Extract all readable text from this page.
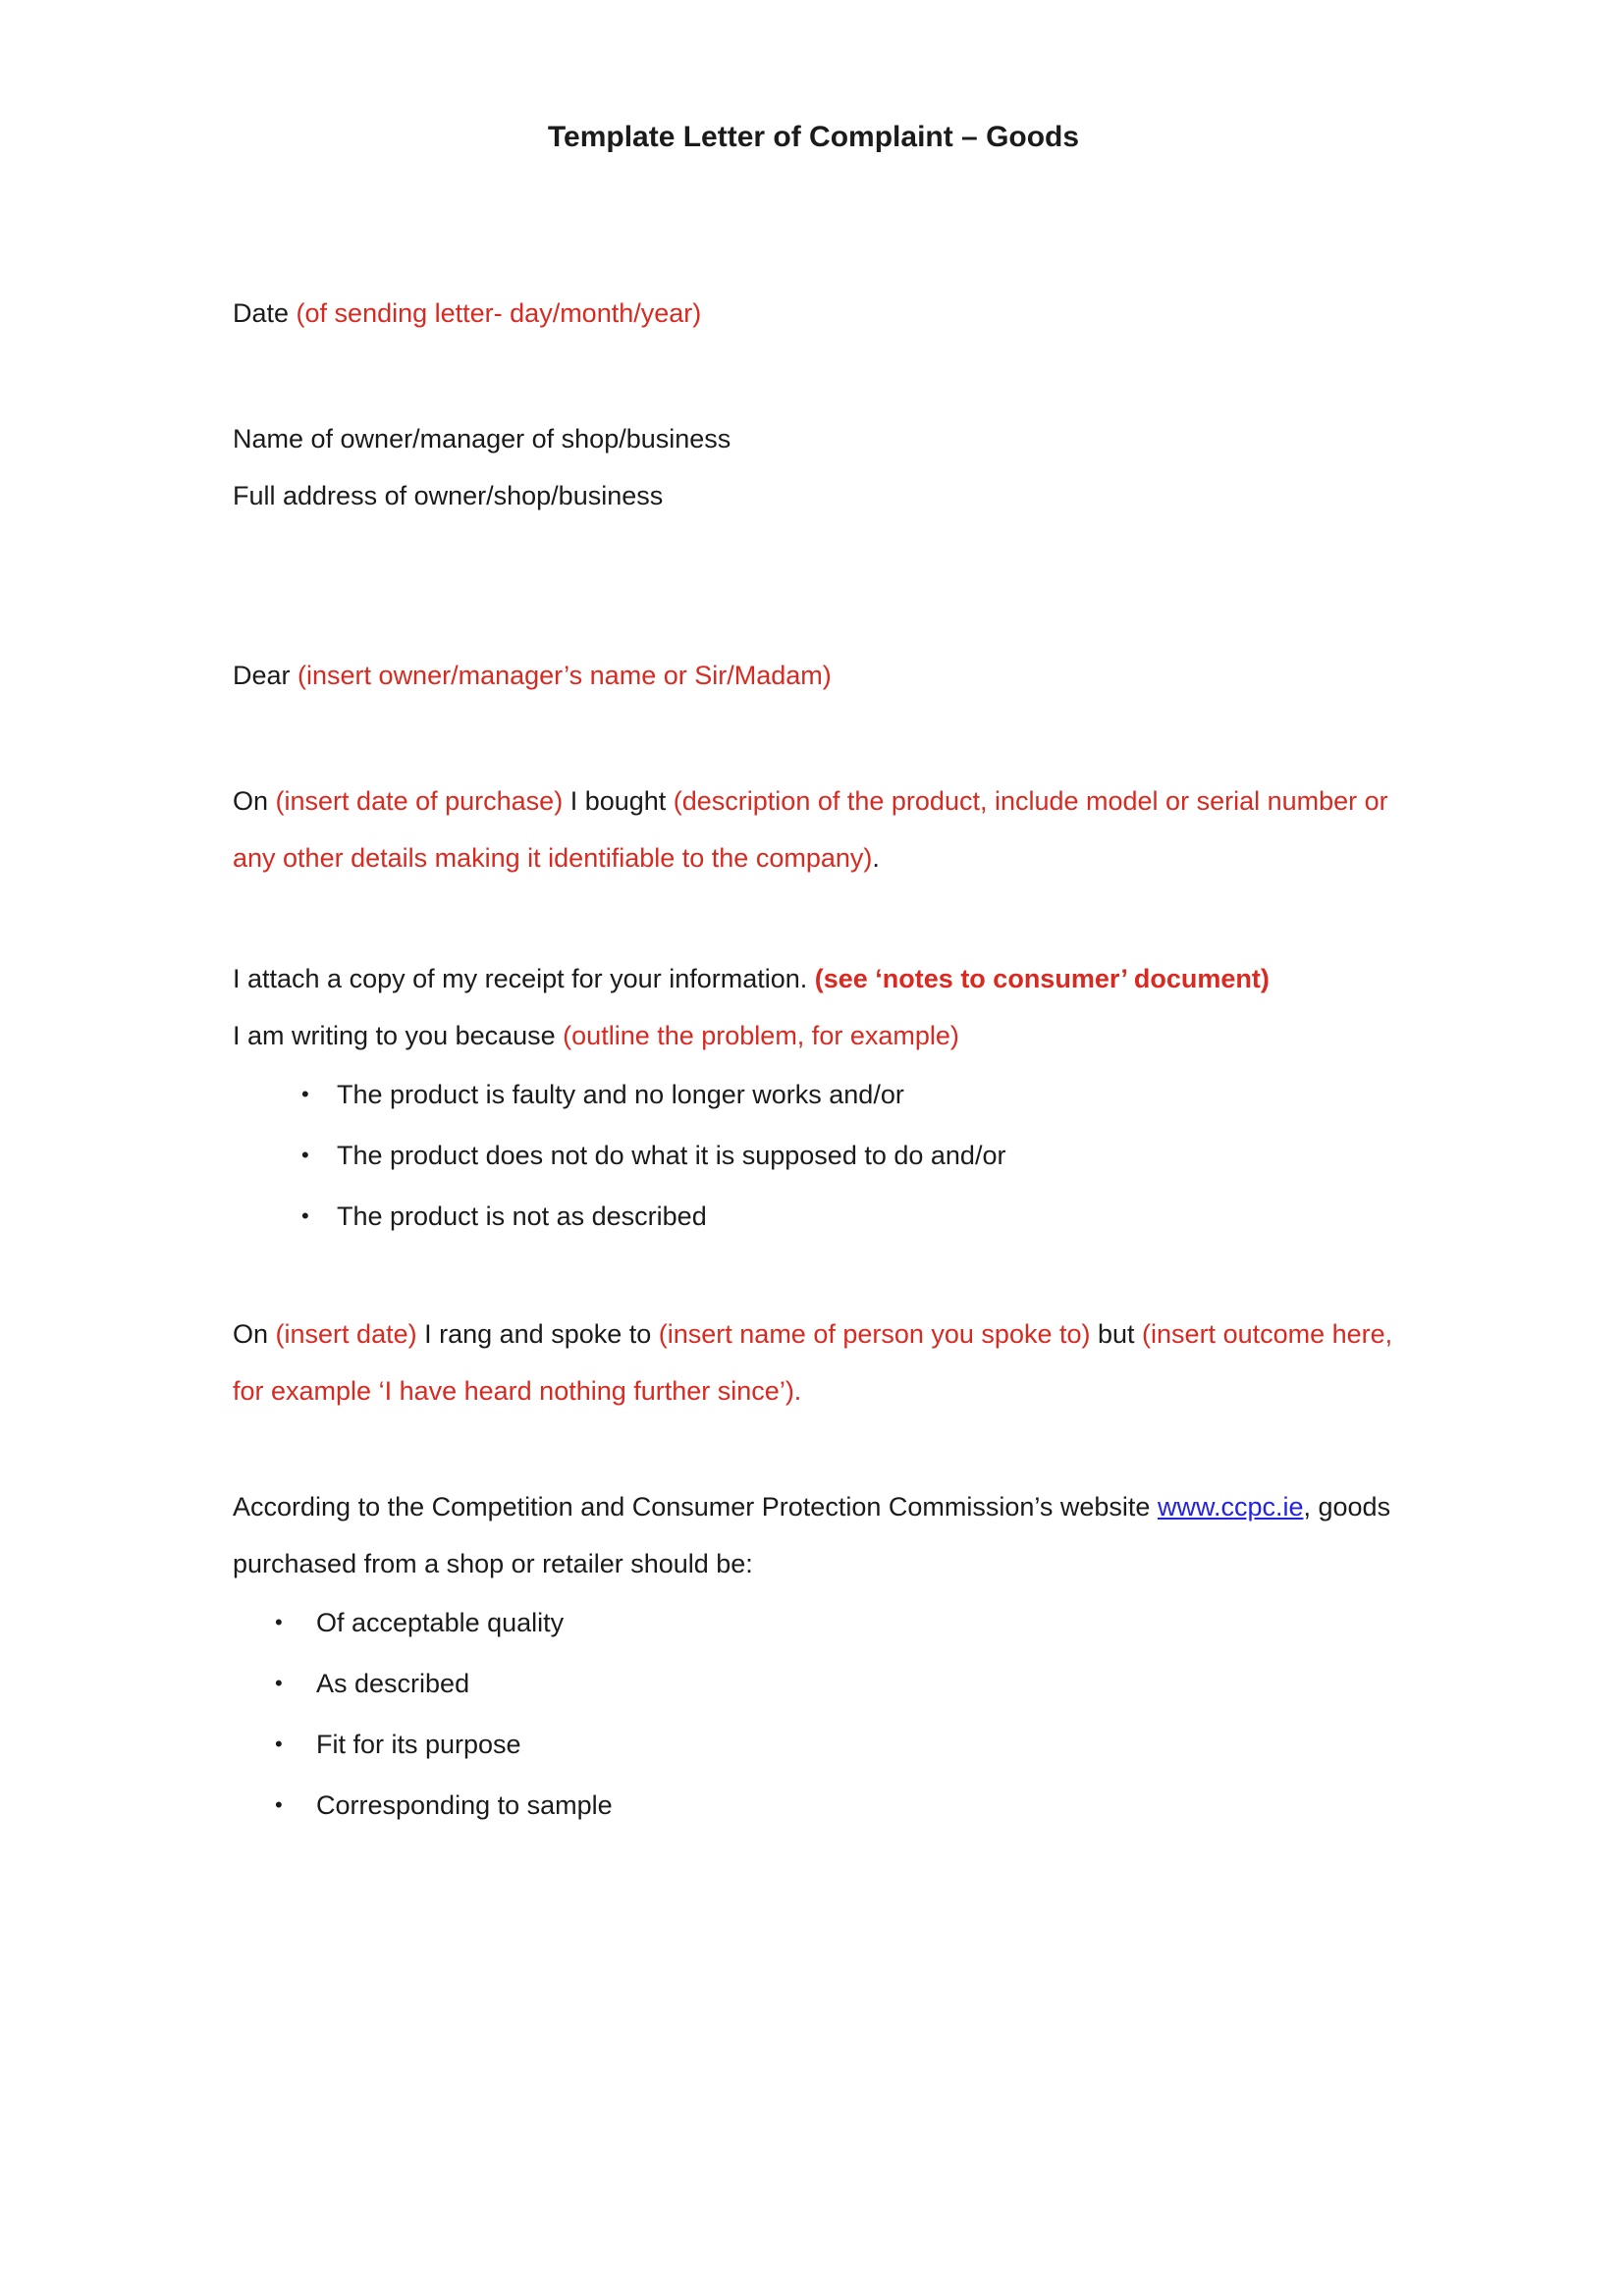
Template Letter of Complaint – Goods

Date (of sending letter- day/month/year)

Name of owner/manager of shop/business
Full address of owner/shop/business

Dear (insert owner/manager’s name or Sir/Madam)

On (insert date of purchase) I bought (description of the product, include model or serial number or any other details making it identifiable to the company).

I attach a copy of my receipt for your information. (see ‘notes to consumer’ document)

I am writing to you because (outline the problem, for example)

•	The product is faulty and no longer works and/or
•	The product does not do what it is supposed to do and/or
•	The product is not as described

On (insert date) I rang and spoke to (insert name of person you spoke to) but (insert outcome here, for example ‘I have heard nothing further since’).

According to the Competition and Consumer Protection Commission’s website www.ccpc.ie, goods purchased from a shop or retailer should be:

•	Of acceptable quality
•	As described
•	Fit for its purpose
•	Corresponding to sample
